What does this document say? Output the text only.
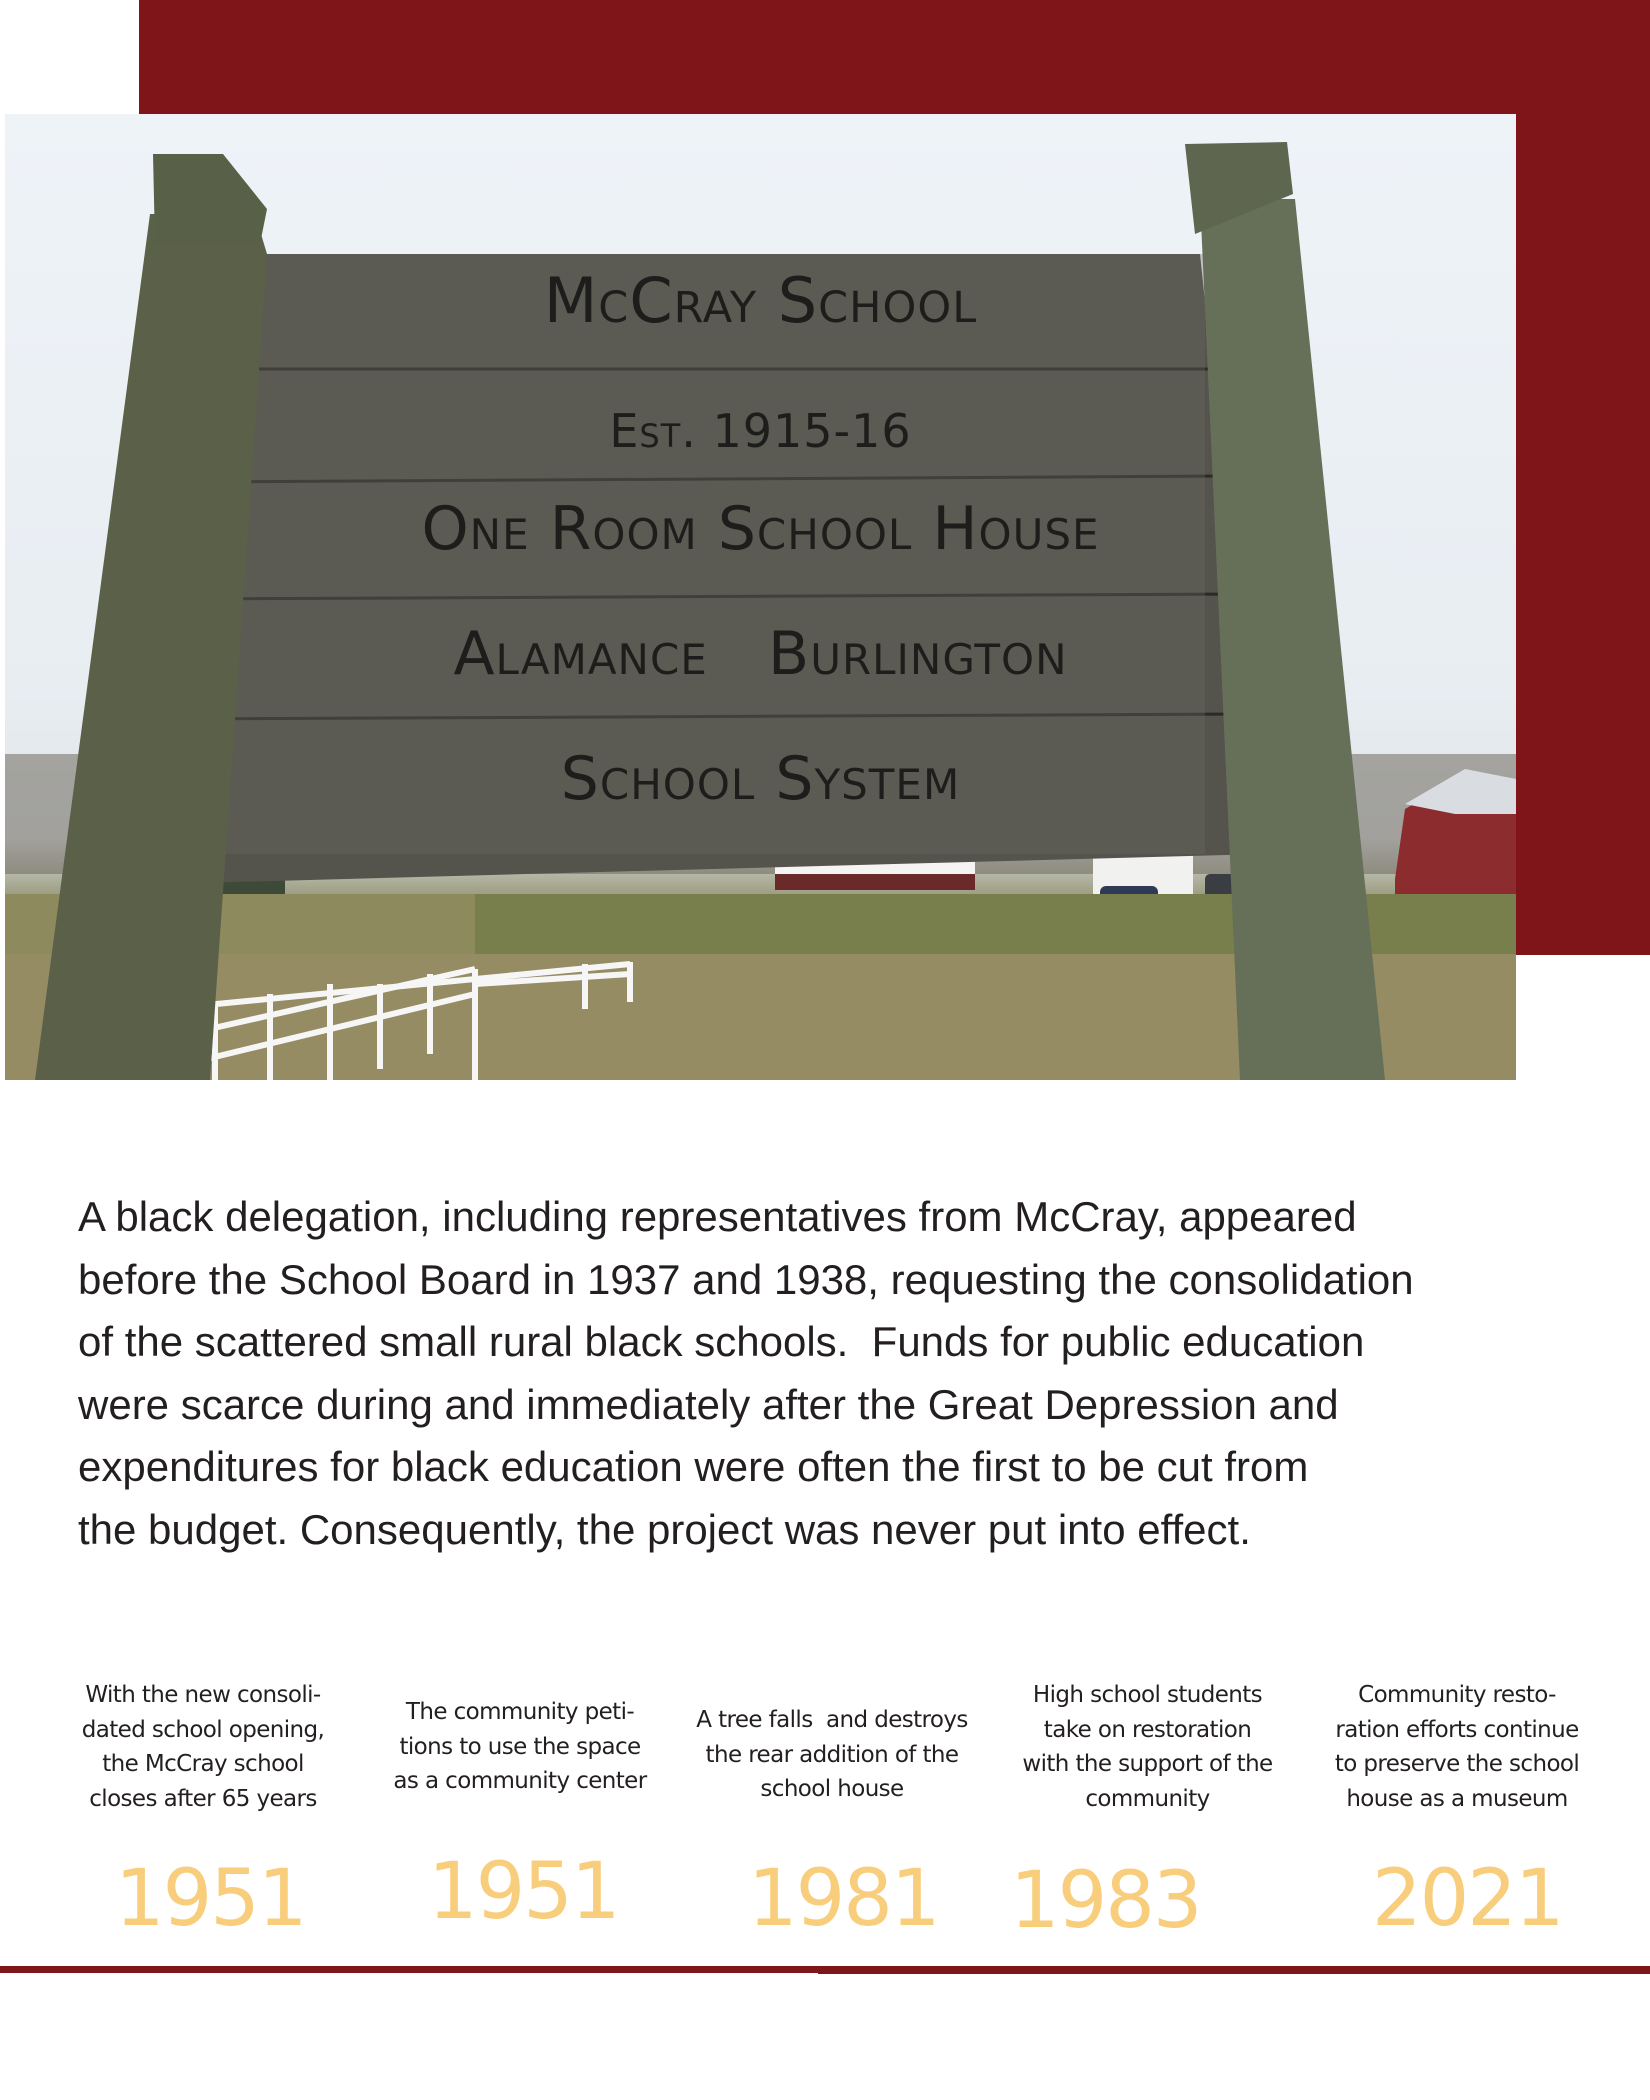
McCray School
Est. 1915-16
One Room School House
Alamance   Burlington
School System

A black delegation, including representatives from McCray, appeared
before the School Board in 1937 and 1938, requesting the consolidation
of the scattered small rural black schools.  Funds for public education
were scarce during and immediately after the Great Depression and
expenditures for black education were often the first to be cut from
the budget. Consequently, the project was never put into effect.

With the new consoli-
dated school opening,
the McCray school
closes after 65 years
1951
The community peti-
tions to use the space
as a community center
1951
A tree falls  and destroys
the rear addition of the
school house
1981
High school students
take on restoration
with the support of the
community
1983
Community resto-
ration efforts continue
to preserve the school
house as a museum
2021
